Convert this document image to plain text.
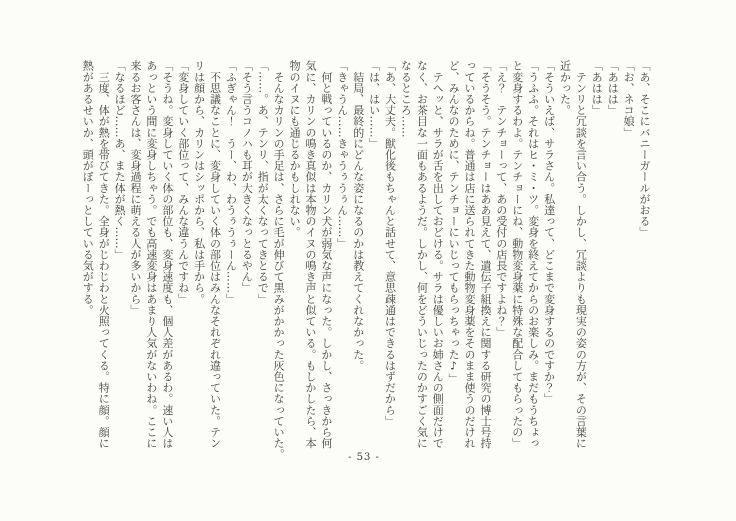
「あ、そこにバニーガールがおる」

「お、ネコ娘」

「あはは」

「あはは」

　テンリと冗談を言い合う。しかし、冗談よりも現実の姿の方が、その言葉に

近かった。

「そういえば、サラさん。私達って、どこまで変身するのですか？」

「うふふ。それはヒ・ミ・ツ。変身を終えてからのお楽しみ。まだもうちょっ

と変身するわよ。テンチョーにね、動物変身薬に特殊な配合してもらったの」

「え？　テンチョーって、あの受付の店長ですよね？」

「そうそう。テンチョーはああ見えて、遺伝子組換えに関する研究の博士号持

っているからね。普通は店に送られてきた動物変身薬をそのまま使うのだけれ

ど、みんなのために、テンチョーにいじってもらっちゃった♪」

　テヘッと、サラが舌を出しておどける。サラは優しいお姉さんの側面だけで

なく、お茶目な一面もあるようだ。しかし、何をどういじったのかすごく気に

なるところ……

「あ、大丈夫。獣化後もちゃんと話せて、意思疎通はできるはずだから」

「は、はい……」

　結局、最終的にどんな姿になるのかは教えてくれなかった。

「きゃうん……きゃうぅうぅん……」

　何と戦っているのか、カリン犬が弱気な声になった。しかし、さっきから何

気に、カリンの鳴き真似は本物のイヌの鳴き声と似ている。もしかしたら、本

物のイヌにも通じるかもしれない。

　そんなカリンの手足は、さらに毛が伸びて黒みがかかった灰色になっていた。

「……。あ、テンリ、指が太くなってきとるで」

「そう言うコノハも耳が大きくなっとるやん」

「ふぎゃん！　うー、わ、わうぅうぅーん……」

　不思議なことに、変身していく体の部位はみんなそれぞれ違っていた。テン

リは顔から、カリンはシッポから、私は手から。

「変身していく部位って、みんな違うんですね」

「そうね。変身していく体の部位も、変身速度も、個人差があるわ。速い人は

あっという間に変身しちゃう。でも高速変身はあまり人気がないわね。ここに

来るお客さんは、変身過程に萌える人が多いから」

「なるほど……あ、また体が熱く……」

　三度、体が熱を帯びてきた。全身がじわじわと火照ってくる。特に顔。顔に

熱があるせいか、頭がぼーっとしている気がする。

- 53 -
